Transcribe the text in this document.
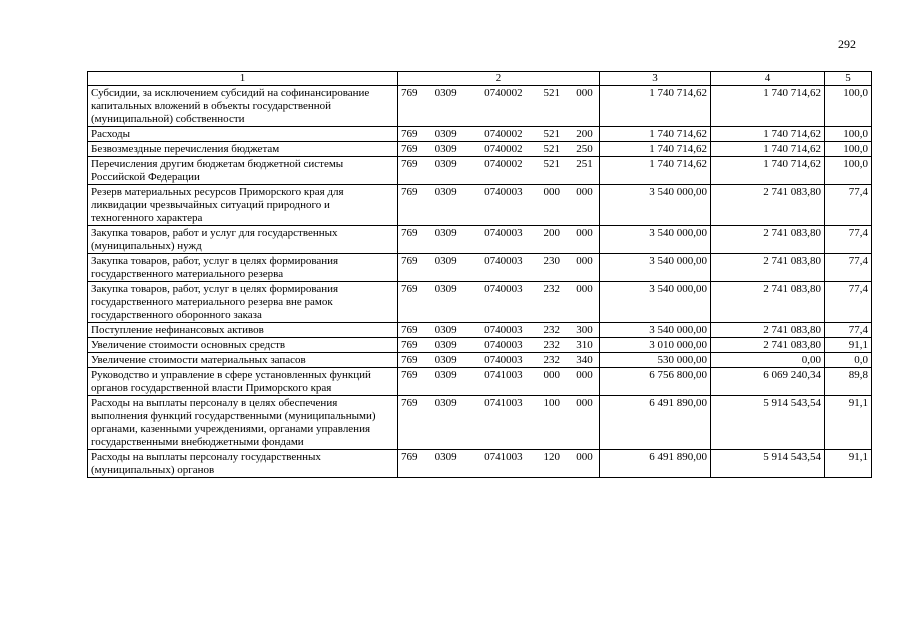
292
1	2	3	4	5
Субсидии, за исключением субсидий на софинансирование капитальных вложений в объекты государственной (муниципальной) собственности	769 0309 0740002 521 000	1 740 714,62	1 740 714,62	100,0
Расходы	769 0309 0740002 521 200	1 740 714,62	1 740 714,62	100,0
Безвозмездные перечисления бюджетам	769 0309 0740002 521 250	1 740 714,62	1 740 714,62	100,0
Перечисления другим бюджетам бюджетной системы Российской Федерации	769 0309 0740002 521 251	1 740 714,62	1 740 714,62	100,0
Резерв материальных ресурсов Приморского края для ликвидации чрезвычайных ситуаций природного и техногенного характера	769 0309 0740003 000 000	3 540 000,00	2 741 083,80	77,4
Закупка товаров, работ и услуг для государственных (муниципальных) нужд	769 0309 0740003 200 000	3 540 000,00	2 741 083,80	77,4
Закупка товаров, работ, услуг в целях формирования государственного материального резерва	769 0309 0740003 230 000	3 540 000,00	2 741 083,80	77,4
Закупка товаров, работ, услуг в целях формирования государственного материального резерва вне рамок государственного оборонного заказа	769 0309 0740003 232 000	3 540 000,00	2 741 083,80	77,4
Поступление нефинансовых активов	769 0309 0740003 232 300	3 540 000,00	2 741 083,80	77,4
Увеличение стоимости основных средств	769 0309 0740003 232 310	3 010 000,00	2 741 083,80	91,1
Увеличение стоимости материальных запасов	769 0309 0740003 232 340	530 000,00	0,00	0,0
Руководство и управление в сфере установленных функций органов государственной власти Приморского края	769 0309 0741003 000 000	6 756 800,00	6 069 240,34	89,8
Расходы на выплаты персоналу в целях обеспечения выполнения функций государственными (муниципальными) органами, казенными учреждениями, органами управления государственными внебюджетными фондами	769 0309 0741003 100 000	6 491 890,00	5 914 543,54	91,1
Расходы на выплаты персоналу государственных (муниципальных) органов	769 0309 0741003 120 000	6 491 890,00	5 914 543,54	91,1
